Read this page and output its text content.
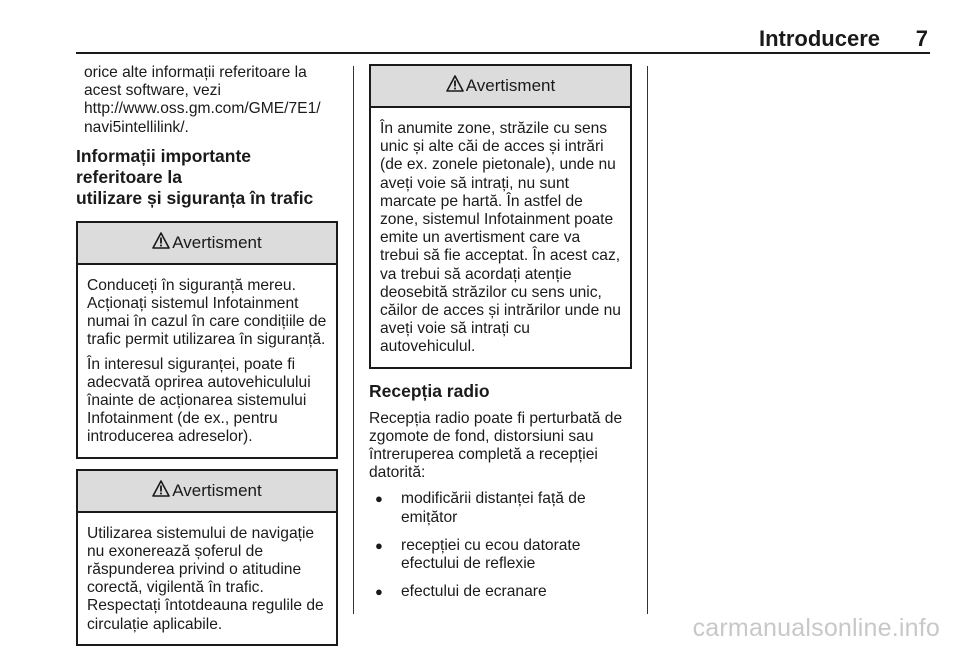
Introducere 7

orice alte informații referitoare la

acest software, vezi

http://www.oss.gm.com/GME/7E1/

navi5intellilink/.

Informații importante referitoare la
utilizare și siguranța în trafic
Avertisment

Conduceți în siguranță mereu.
Acționați sistemul Infotainment
numai în cazul în care condițiile de
trafic permit utilizarea în siguranță.

În interesul siguranței, poate fi
adecvată oprirea autovehiculului
înainte de acționarea sistemului
Infotainment (de ex., pentru
introducerea adreselor).

Avertisment

Utilizarea sistemului de navigație
nu exonerează șoferul de
răspunderea privind o atitudine
corectă, vigilentă în trafic.
Respectați întotdeauna regulile de
circulație aplicabile.

Avertisment

În anumite zone, străzile cu sens
unic și alte căi de acces și intrări
(de ex. zonele pietonale), unde nu
aveți voie să intrați, nu sunt
marcate pe hartă. În astfel de
zone, sistemul Infotainment poate
emite un avertisment care va
trebui să fie acceptat. În acest caz,
va trebui să acordați atenție
deosebită străzilor cu sens unic,
căilor de acces și intrărilor unde nu
aveți voie să intrați cu
autovehiculul.

Recepția radio

Recepția radio poate fi perturbată de
zgomote de fond, distorsiuni sau
întreruperea completă a recepției
datorită:

● modificării distanței față de
emițător
● recepției cu ecou datorate
efectului de reflexie
● efectului de ecranare
carmanualsonline.info
